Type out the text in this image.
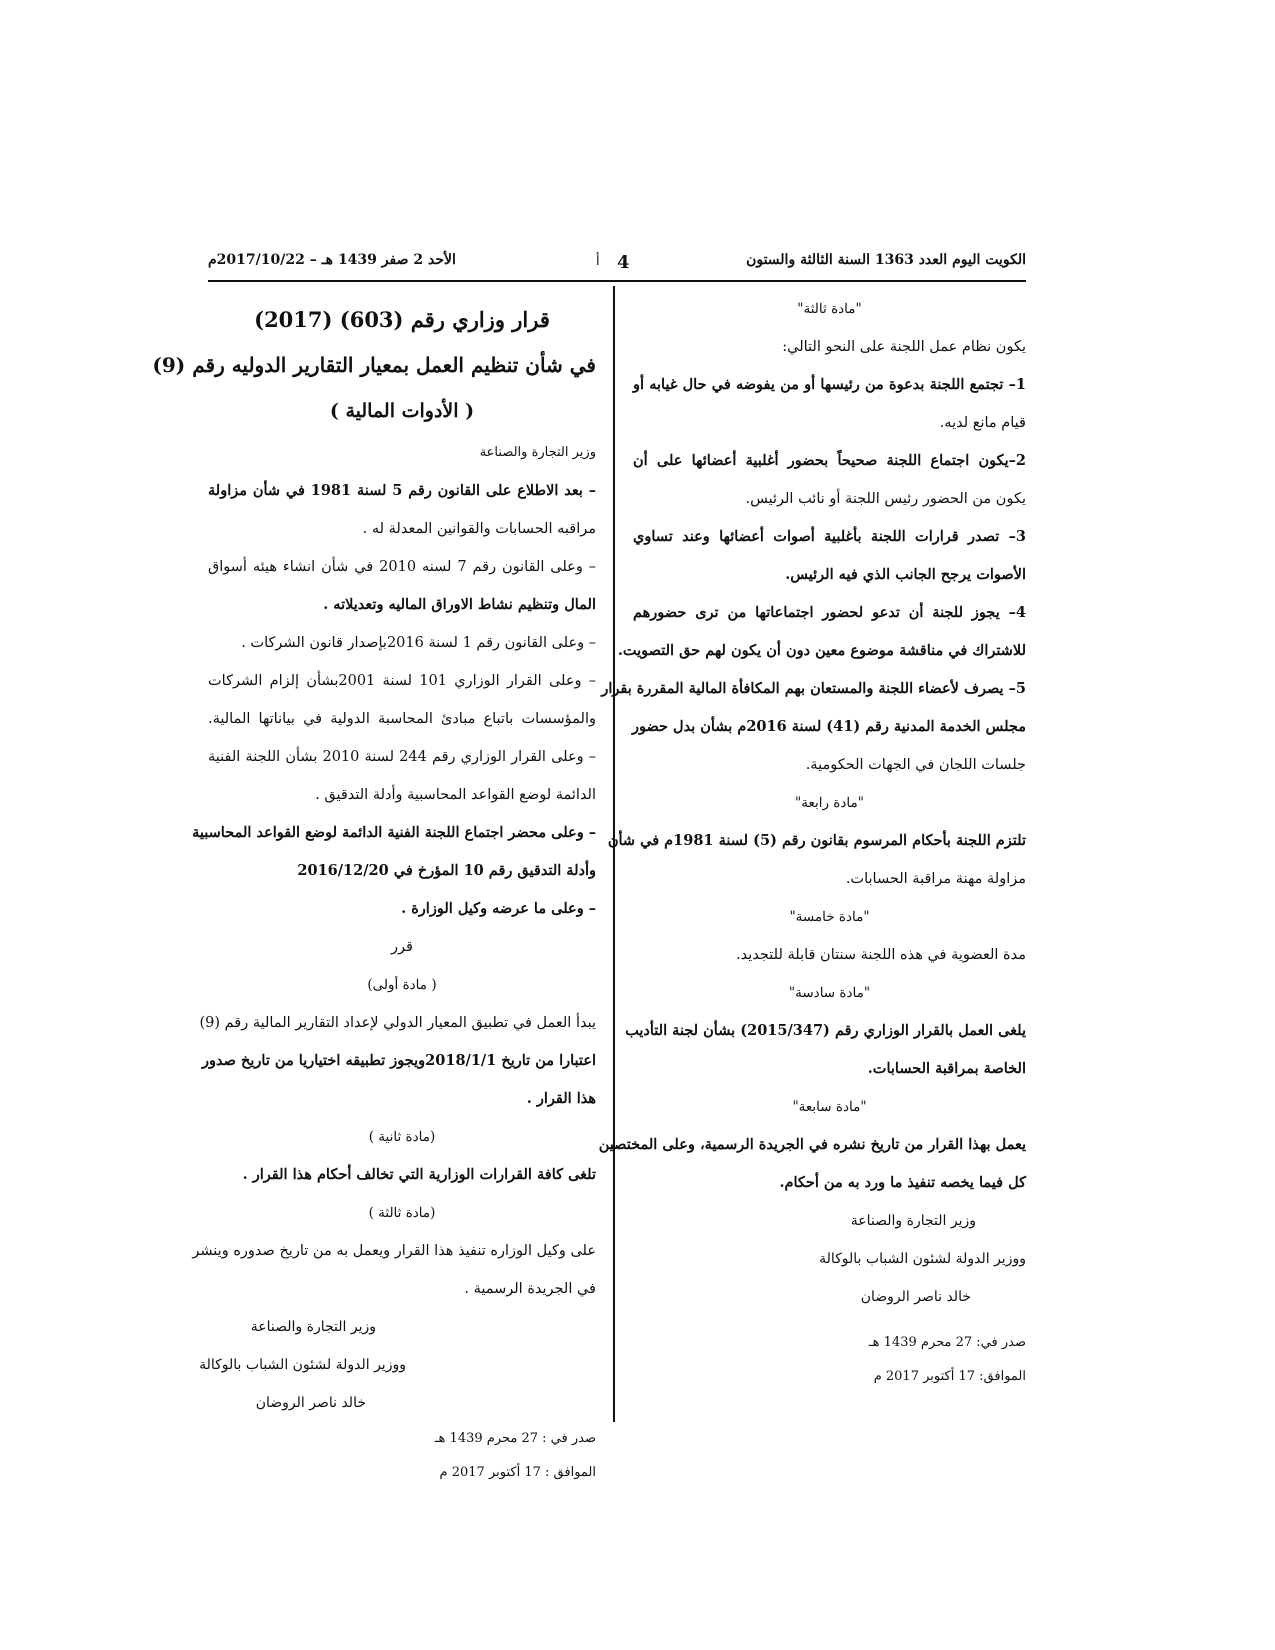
الكويت اليوم العدد 1363 السنة الثالثة والستون
4
أ
الأحد 2 صفر 1439 هـ – 2017/10/22م
"مادة ثالثة"
يكون نظام عمل اللجنة على النحو التالي:
1– تجتمع اللجنة بدعوة من رئيسها أو من يفوضه في حال غيابه أو
قيام مانع لديه.
2–يكون اجتماع اللجنة صحيحاً بحضور أغلبية أعضائها على أن
يكون من الحضور رئيس اللجنة أو نائب الرئيس.
3– تصدر قرارات اللجنة بأغلبية أصوات أعضائها وعند تساوي
الأصوات يرجح الجانب الذي فيه الرئيس.
4– يجوز للجنة أن تدعو لحضور اجتماعاتها من ترى حضورهم
للاشتراك في مناقشة موضوع معين دون أن يكون لهم حق التصويت.
5– يصرف لأعضاء اللجنة والمستعان بهم المكافأة المالية المقررة بقرار
مجلس الخدمة المدنية رقم (41) لسنة 2016م بشأن بدل حضور
جلسات اللجان في الجهات الحكومية.
"مادة رابعة"
تلتزم اللجنة بأحكام المرسوم بقانون رقم (5) لسنة 1981م في شأن
مزاولة مهنة مراقبة الحسابات.
"مادة خامسة"
مدة العضوية في هذه اللجنة سنتان قابلة للتجديد.
"مادة سادسة"
يلغى العمل بالقرار الوزاري رقم (2015/347) بشأن لجنة التأديب
الخاصة بمراقبة الحسابات.
"مادة سابعة"
يعمل بهذا القرار من تاريخ نشره في الجريدة الرسمية، وعلى المختصين
كل فيما يخصه تنفيذ ما ورد به من أحكام.
وزير التجارة والصناعة
ووزير الدولة لشئون الشباب بالوكالة
خالد ناصر الروضان
صدر في: 27 محرم 1439 هـ
الموافق: 17 أكتوبر 2017 م
قرار وزاري رقم (603) (2017)
في شأن تنظيم العمل بمعيار التقارير الدوليه رقم (9)
( الأدوات المالية )
وزير التجارة والصناعة
– بعد الاطلاع على القانون رقم 5 لسنة 1981 في شأن مزاولة
مراقبه الحسابات والقوانين المعدلة له .
– وعلى القانون رقم 7 لسنه 2010 في شأن انشاء هيئه أسواق
المال وتنظيم نشاط الاوراق الماليه وتعديلاته .
– وعلى القانون رقم 1 لسنة 2016بإصدار قانون الشركات .
– وعلى القرار الوزاري 101 لسنة 2001بشأن إلزام الشركات
والمؤسسات باتباع مبادئ المحاسبة الدولية في بياناتها المالية.
– وعلى القرار الوزاري رقم 244 لسنة 2010 بشأن اللجنة الفنية
الدائمة لوضع القواعد المحاسبية وأدلة التدقيق .
– وعلى محضر اجتماع اللجنة الفنية الدائمة لوضع القواعد المحاسبية
وأدلة التدقيق رقم 10 المؤرخ في 2016/12/20
– وعلى ما عرضه وكيل الوزارة .
قرر
( مادة أولى)
يبدأ العمل في تطبيق المعيار الدولي لإعداد التقارير المالية رقم (9)
اعتبارا من تاريخ 2018/1/1ويجوز تطبيقه اختياريا من تاريخ صدور
هذا القرار .
(مادة ثانية )
تلغى كافة القرارات الوزارية التي تخالف أحكام هذا القرار .
(مادة ثالثة )
على وكيل الوزاره تنفيذ هذا القرار ويعمل به من تاريخ صدوره وينشر
في الجريدة الرسمية .
وزير التجارة والصناعة
ووزير الدولة لشئون الشباب بالوكالة
خالد ناصر الروضان
صدر في : 27 محرم 1439 هـ
الموافق : 17 أكتوبر 2017 م
